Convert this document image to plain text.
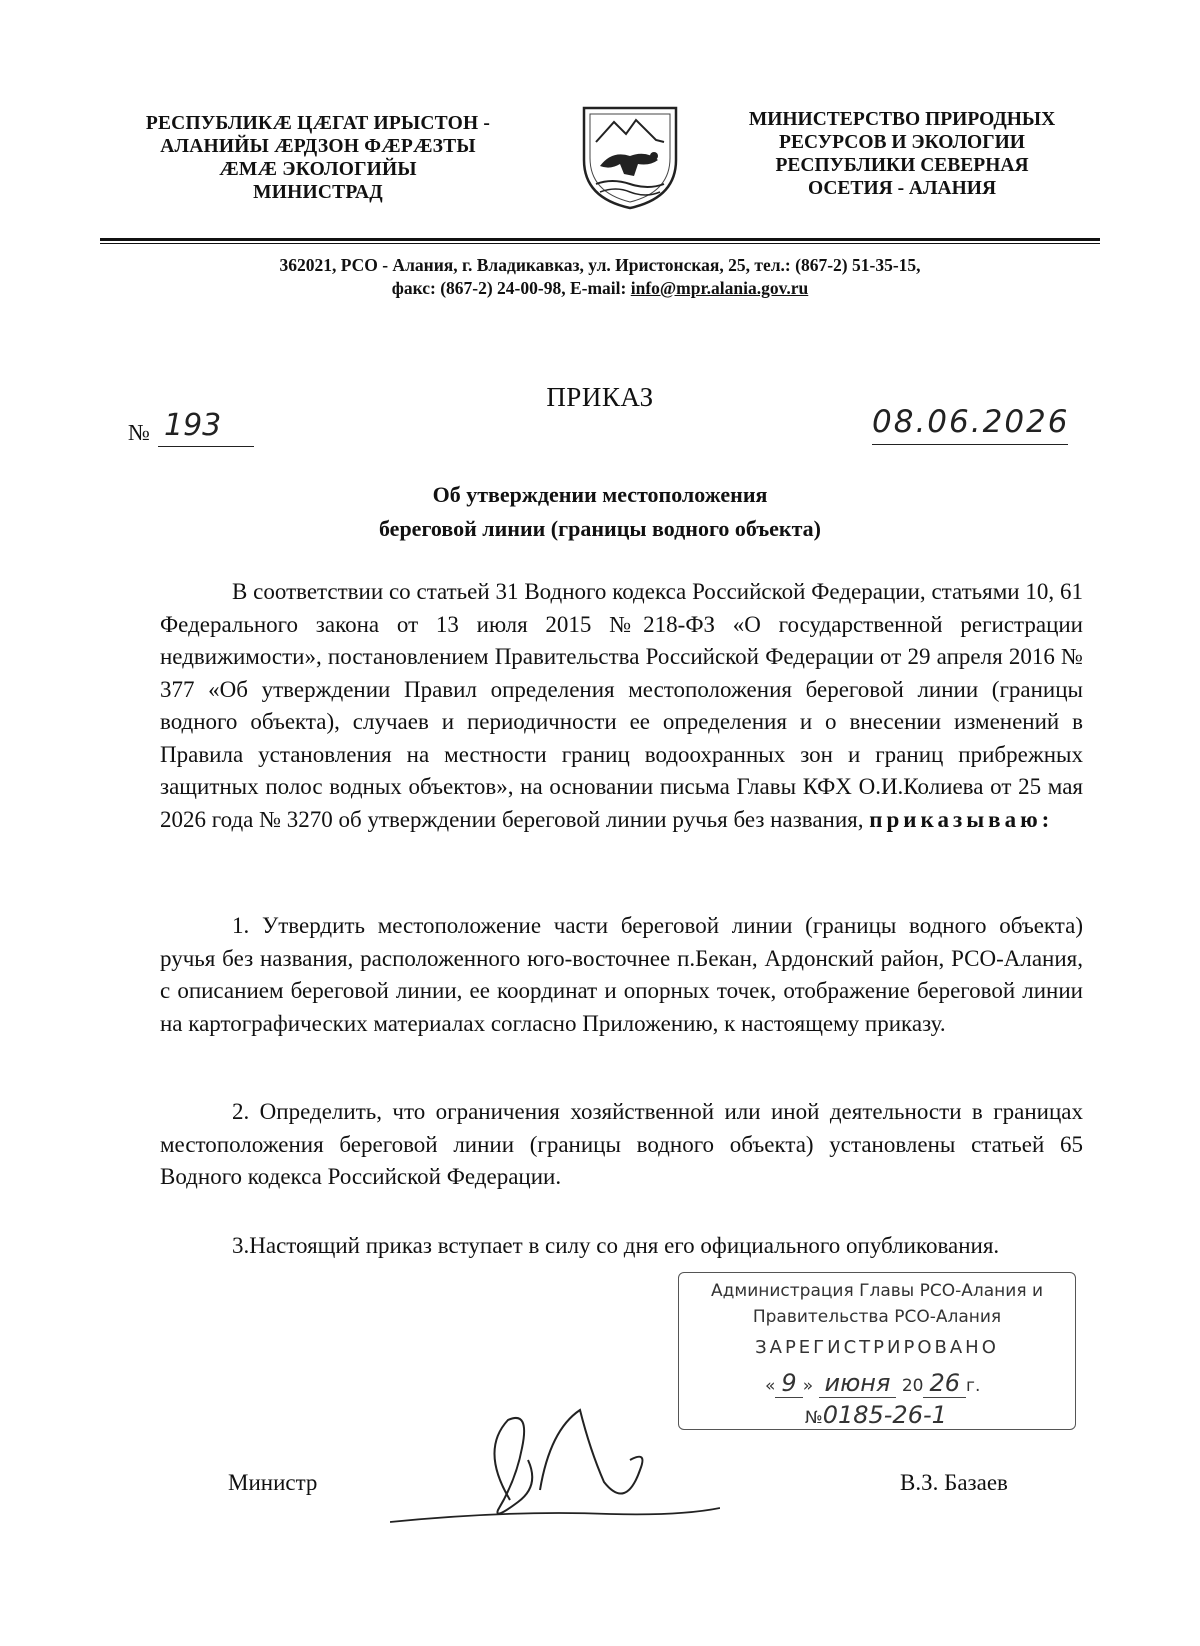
РЕСПУБЛИКӔ ЦӔГАТ ИРЫСТОН -
АЛАНИЙЫ ӔРДЗОН ФӔРӔЗТЫ
ӔМӔ ЭКОЛОГИЙЫ
МИНИСТРАД
МИНИСТЕРСТВО ПРИРОДНЫХ
РЕСУРСОВ И ЭКОЛОГИИ
РЕСПУБЛИКИ СЕВЕРНАЯ
ОСЕТИЯ - АЛАНИЯ
362021, РСО - Алания, г. Владикавказ, ул. Иристонская, 25, тел.: (867-2) 51-35-15,
факс: (867-2) 24-00-98, E-mail: info@mpr.alania.gov.ru
ПРИКАЗ
№ 193	08.06.2026
Об утверждении местоположения
береговой линии (границы водного объекта)
В соответствии со статьей 31 Водного кодекса Российской Федерации, статьями 10, 61 Федерального закона от 13 июля 2015 №218-ФЗ «О государственной регистрации недвижимости», постановлением Правительства Российской Федерации от 29 апреля 2016 № 377 «Об утверждении Правил определения местоположения береговой линии (границы водного объекта), случаев и периодичности ее определения и о внесении изменений в Правила установления на местности границ водоохранных зон и границ прибрежных защитных полос водных объектов», на основании письма Главы КФХ О.И.Колиева от 25 мая 2026 года № 3270 об утверждении береговой линии ручья без названия, приказываю:
1. Утвердить местоположение части береговой линии (границы водного объекта) ручья без названия, расположенного юго-восточнее п.Бекан, Ардонский район, РСО-Алания, с описанием береговой линии, ее координат и опорных точек, отображение береговой линии на картографических материалах согласно Приложению, к настоящему приказу.
2. Определить, что ограничения хозяйственной или иной деятельности в границах местоположения береговой линии (границы водного объекта) установлены статьей 65 Водного кодекса Российской Федерации.
3.Настоящий приказ вступает в силу со дня его официального опубликования.
Администрация Главы РСО-Алания и
Правительства РСО-Алания
ЗАРЕГИСТРИРОВАНО
« 9 » июня 20 26 г.
№0185-26-1
Министр	В.З. Базаев
